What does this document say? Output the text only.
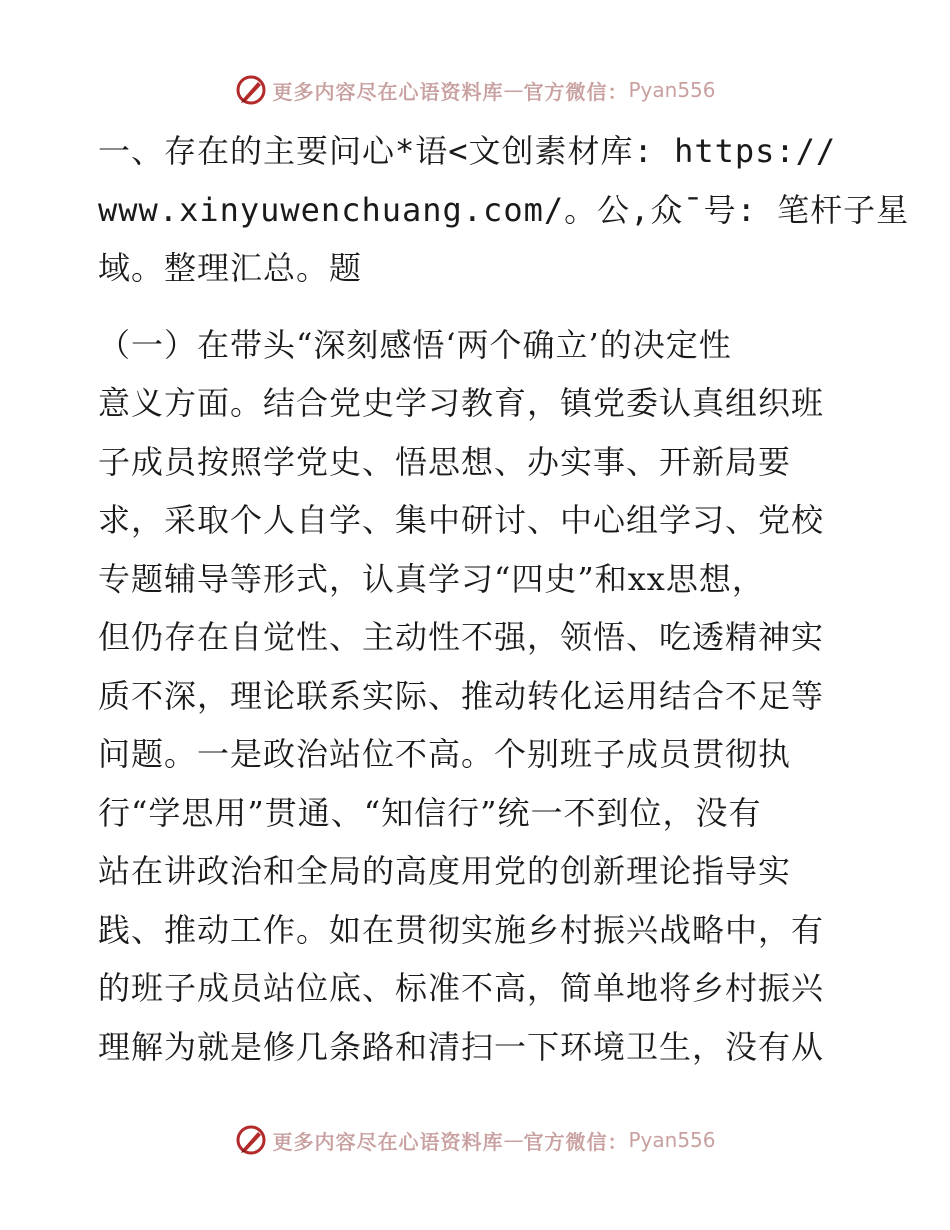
更多内容尽在心语资料库 — 官方微信： Pyan556
一、存在的主要问心*语<文创素材库: https://
www.xinyuwenchuang.com/。公,众¯号: 笔杆子星
域。整理汇总。题
（一）在带头“深刻感悟‘两个确立’的决定性
意义方面。结合党史学习教育，镇党委认真组织班
子成员按照学党史、悟思想、办实事、开新局要
求，采取个人自学、集中研讨、中心组学习、党校
专题辅导等形式，认真学习“四史”和xx思想，
但仍存在自觉性、主动性不强，领悟、吃透精神实
质不深，理论联系实际、推动转化运用结合不足等
问题。一是政治站位不高。个别班子成员贯彻执
行“学思用”贯通、“知信行”统一不到位，没有
站在讲政治和全局的高度用党的创新理论指导实
践、推动工作。如在贯彻实施乡村振兴战略中，有
的班子成员站位底、标准不高，简单地将乡村振兴
理解为就是修几条路和清扫一下环境卫生，没有从
更多内容尽在心语资料库 — 官方微信： Pyan556
